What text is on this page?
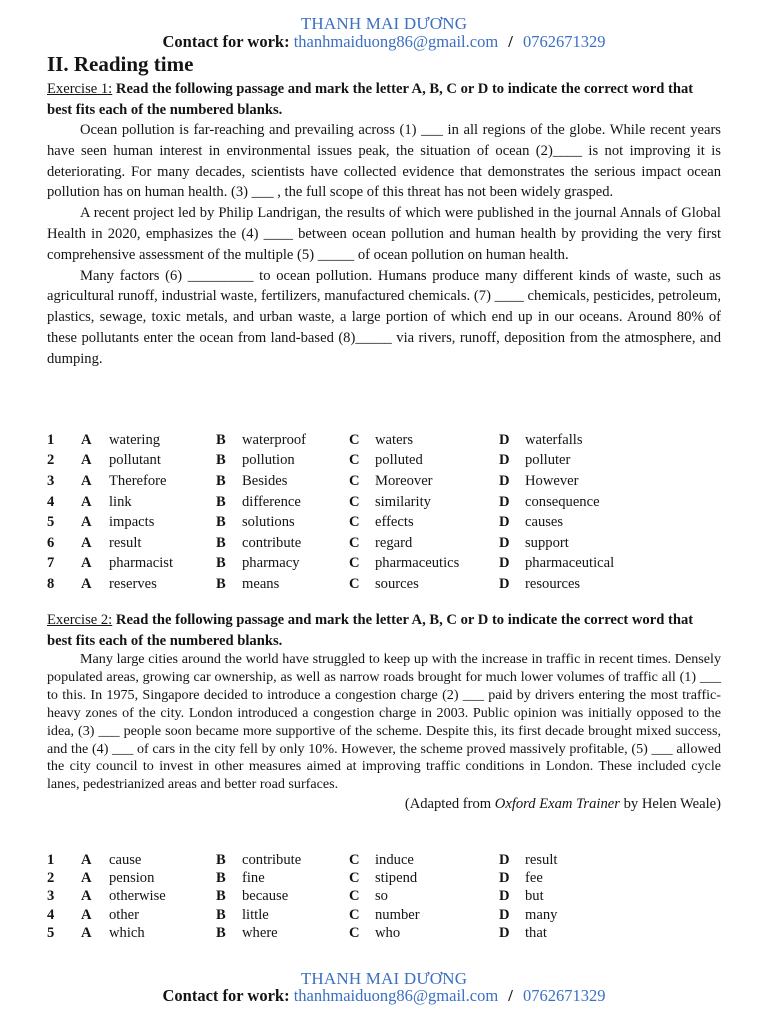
THANH MAI DƯƠNG
Contact for work: thanhmaiduong86@gmail.com / 0762671329
II. Reading time
Exercise 1: Read the following passage and mark the letter A, B, C or D to indicate the correct word that best fits each of the numbered blanks.

Ocean pollution is far-reaching and prevailing across (1) ___ in all regions of the globe. While recent years have seen human interest in environmental issues peak, the situation of ocean (2)____ is not improving it is deteriorating. For many decades, scientists have collected evidence that demonstrates the serious impact ocean pollution has on human health. (3) ___ , the full scope of this threat has not been widely grasped.

A recent project led by Philip Landrigan, the results of which were published in the journal Annals of Global Health in 2020, emphasizes the (4) ____ between ocean pollution and human health by providing the very first comprehensive assessment of the multiple (5) _____ of ocean pollution on human health.

Many factors (6) _________ to ocean pollution. Humans produce many different kinds of waste, such as agricultural runoff, industrial waste, fertilizers, manufactured chemicals. (7) ____ chemicals, pesticides, petroleum, plastics, sewage, toxic metals, and urban waste, a large portion of which end up in our oceans. Around 80% of these pollutants enter the ocean from land-based (8)_____ via rivers, runoff, deposition from the atmosphere, and dumping.

1	A	watering	B	waterproof	C	waters	D	waterfalls
2	A	pollutant	B	pollution	C	polluted	D	polluter
3	A	Therefore	B	Besides	C	Moreover	D	However
4	A	link	B	difference	C	similarity	D	consequence
5	A	impacts	B	solutions	C	effects	D	causes
6	A	result	B	contribute	C	regard	D	support
7	A	pharmacist	B	pharmacy	C	pharmaceutics	D	pharmaceutical
8	A	reserves	B	means	C	sources	D	resources
Exercise 2: Read the following passage and mark the letter A, B, C or D to indicate the correct word that best fits each of the numbered blanks.

Many large cities around the world have struggled to keep up with the increase in traffic in recent times. Densely populated areas, growing car ownership, as well as narrow roads brought for much lower volumes of traffic all (1) ___ to this. In 1975, Singapore decided to introduce a congestion charge (2) ___ paid by drivers entering the most traffic-heavy zones of the city. London introduced a congestion charge in 2003. Public opinion was initially opposed to the idea, (3) ___ people soon became more supportive of the scheme. Despite this, its first decade brought mixed success, and the (4) ___ of cars in the city fell by only 10%. However, the scheme proved massively profitable, (5) ___ allowed the city council to invest in other measures aimed at improving traffic conditions in London. These included cycle lanes, pedestrianized areas and better road surfaces.

(Adapted from Oxford Exam Trainer by Helen Weale)
1	A	cause	B	contribute	C	induce	D	result
2	A	pension	B	fine	C	stipend	D	fee
3	A	otherwise	B	because	C	so	D	but
4	A	other	B	little	C	number	D	many
5	A	which	B	where	C	who	D	that
THANH MAI DƯƠNG
Contact for work: thanhmaiduong86@gmail.com / 0762671329
